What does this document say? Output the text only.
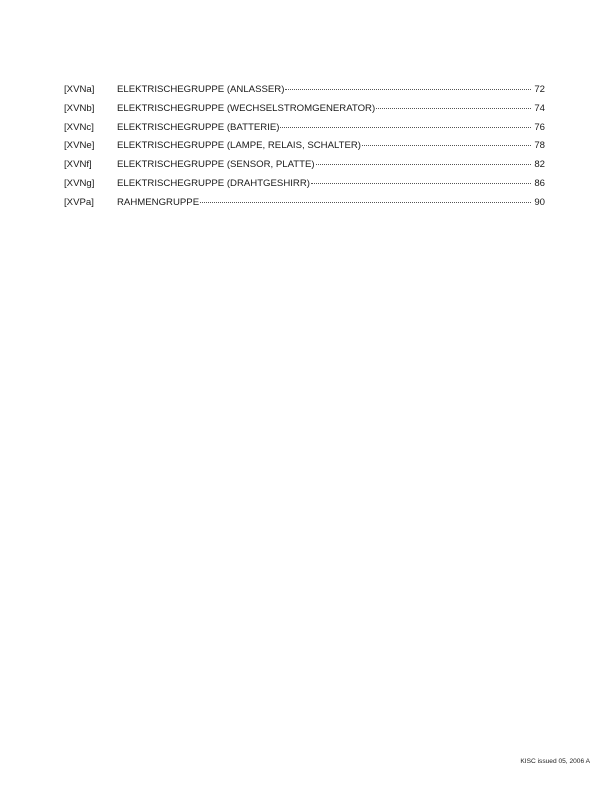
[XVNa]	ELEKTRISCHEGRUPPE (ANLASSER)	72
[XVNb]	ELEKTRISCHEGRUPPE (WECHSELSTROMGENERATOR)	74
[XVNc]	ELEKTRISCHEGRUPPE (BATTERIE)	76
[XVNe]	ELEKTRISCHEGRUPPE (LAMPE, RELAIS, SCHALTER)	78
[XVNf]	ELEKTRISCHEGRUPPE (SENSOR, PLATTE)	82
[XVNg]	ELEKTRISCHEGRUPPE (DRAHTGESHIRR)	86
[XVPa]	RAHMENGRUPPE	90
KISC issued 05, 2006 A
